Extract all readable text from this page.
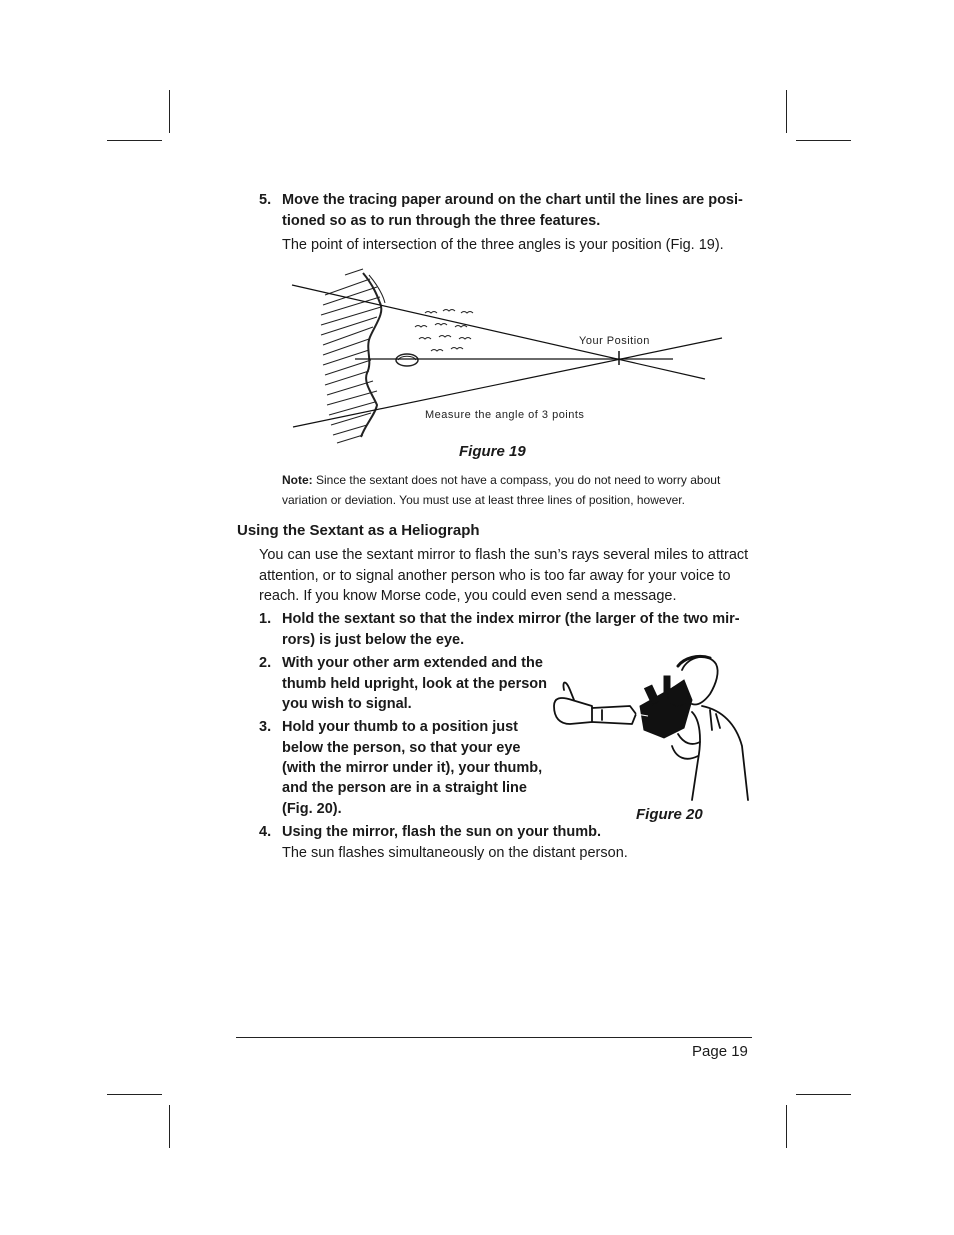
5. Move the tracing paper around on the chart until the lines are posi-

tioned so as to run through the three features.

The point of intersection of the three angles is your position (Fig. 19).

Your Position
Measure the angle of 3 points

Figure 19

Note: Since the sextant does not have a compass, you do not need to worry about

variation or deviation. You must use at least three lines of position, however.

Using the Sextant as a Heliograph

You can use the sextant mirror to flash the sun’s rays several miles to attract

attention, or to signal another person who is too far away for your voice to

reach. If you know Morse code, you could even send a message.

1. Hold the sextant so that the index mirror (the larger of the two mir-

rors) is just below the eye.

2. With your other arm extended and the

thumb held upright, look at the person

you wish to signal.

3. Hold your thumb to a position just

below the person, so that your eye

(with the mirror under it), your thumb,

and the person are in a straight line

(Fig. 20).

4. Using the mirror, flash the sun on your thumb.

The sun flashes simultaneously on the distant person.

Figure 20

Page 19
